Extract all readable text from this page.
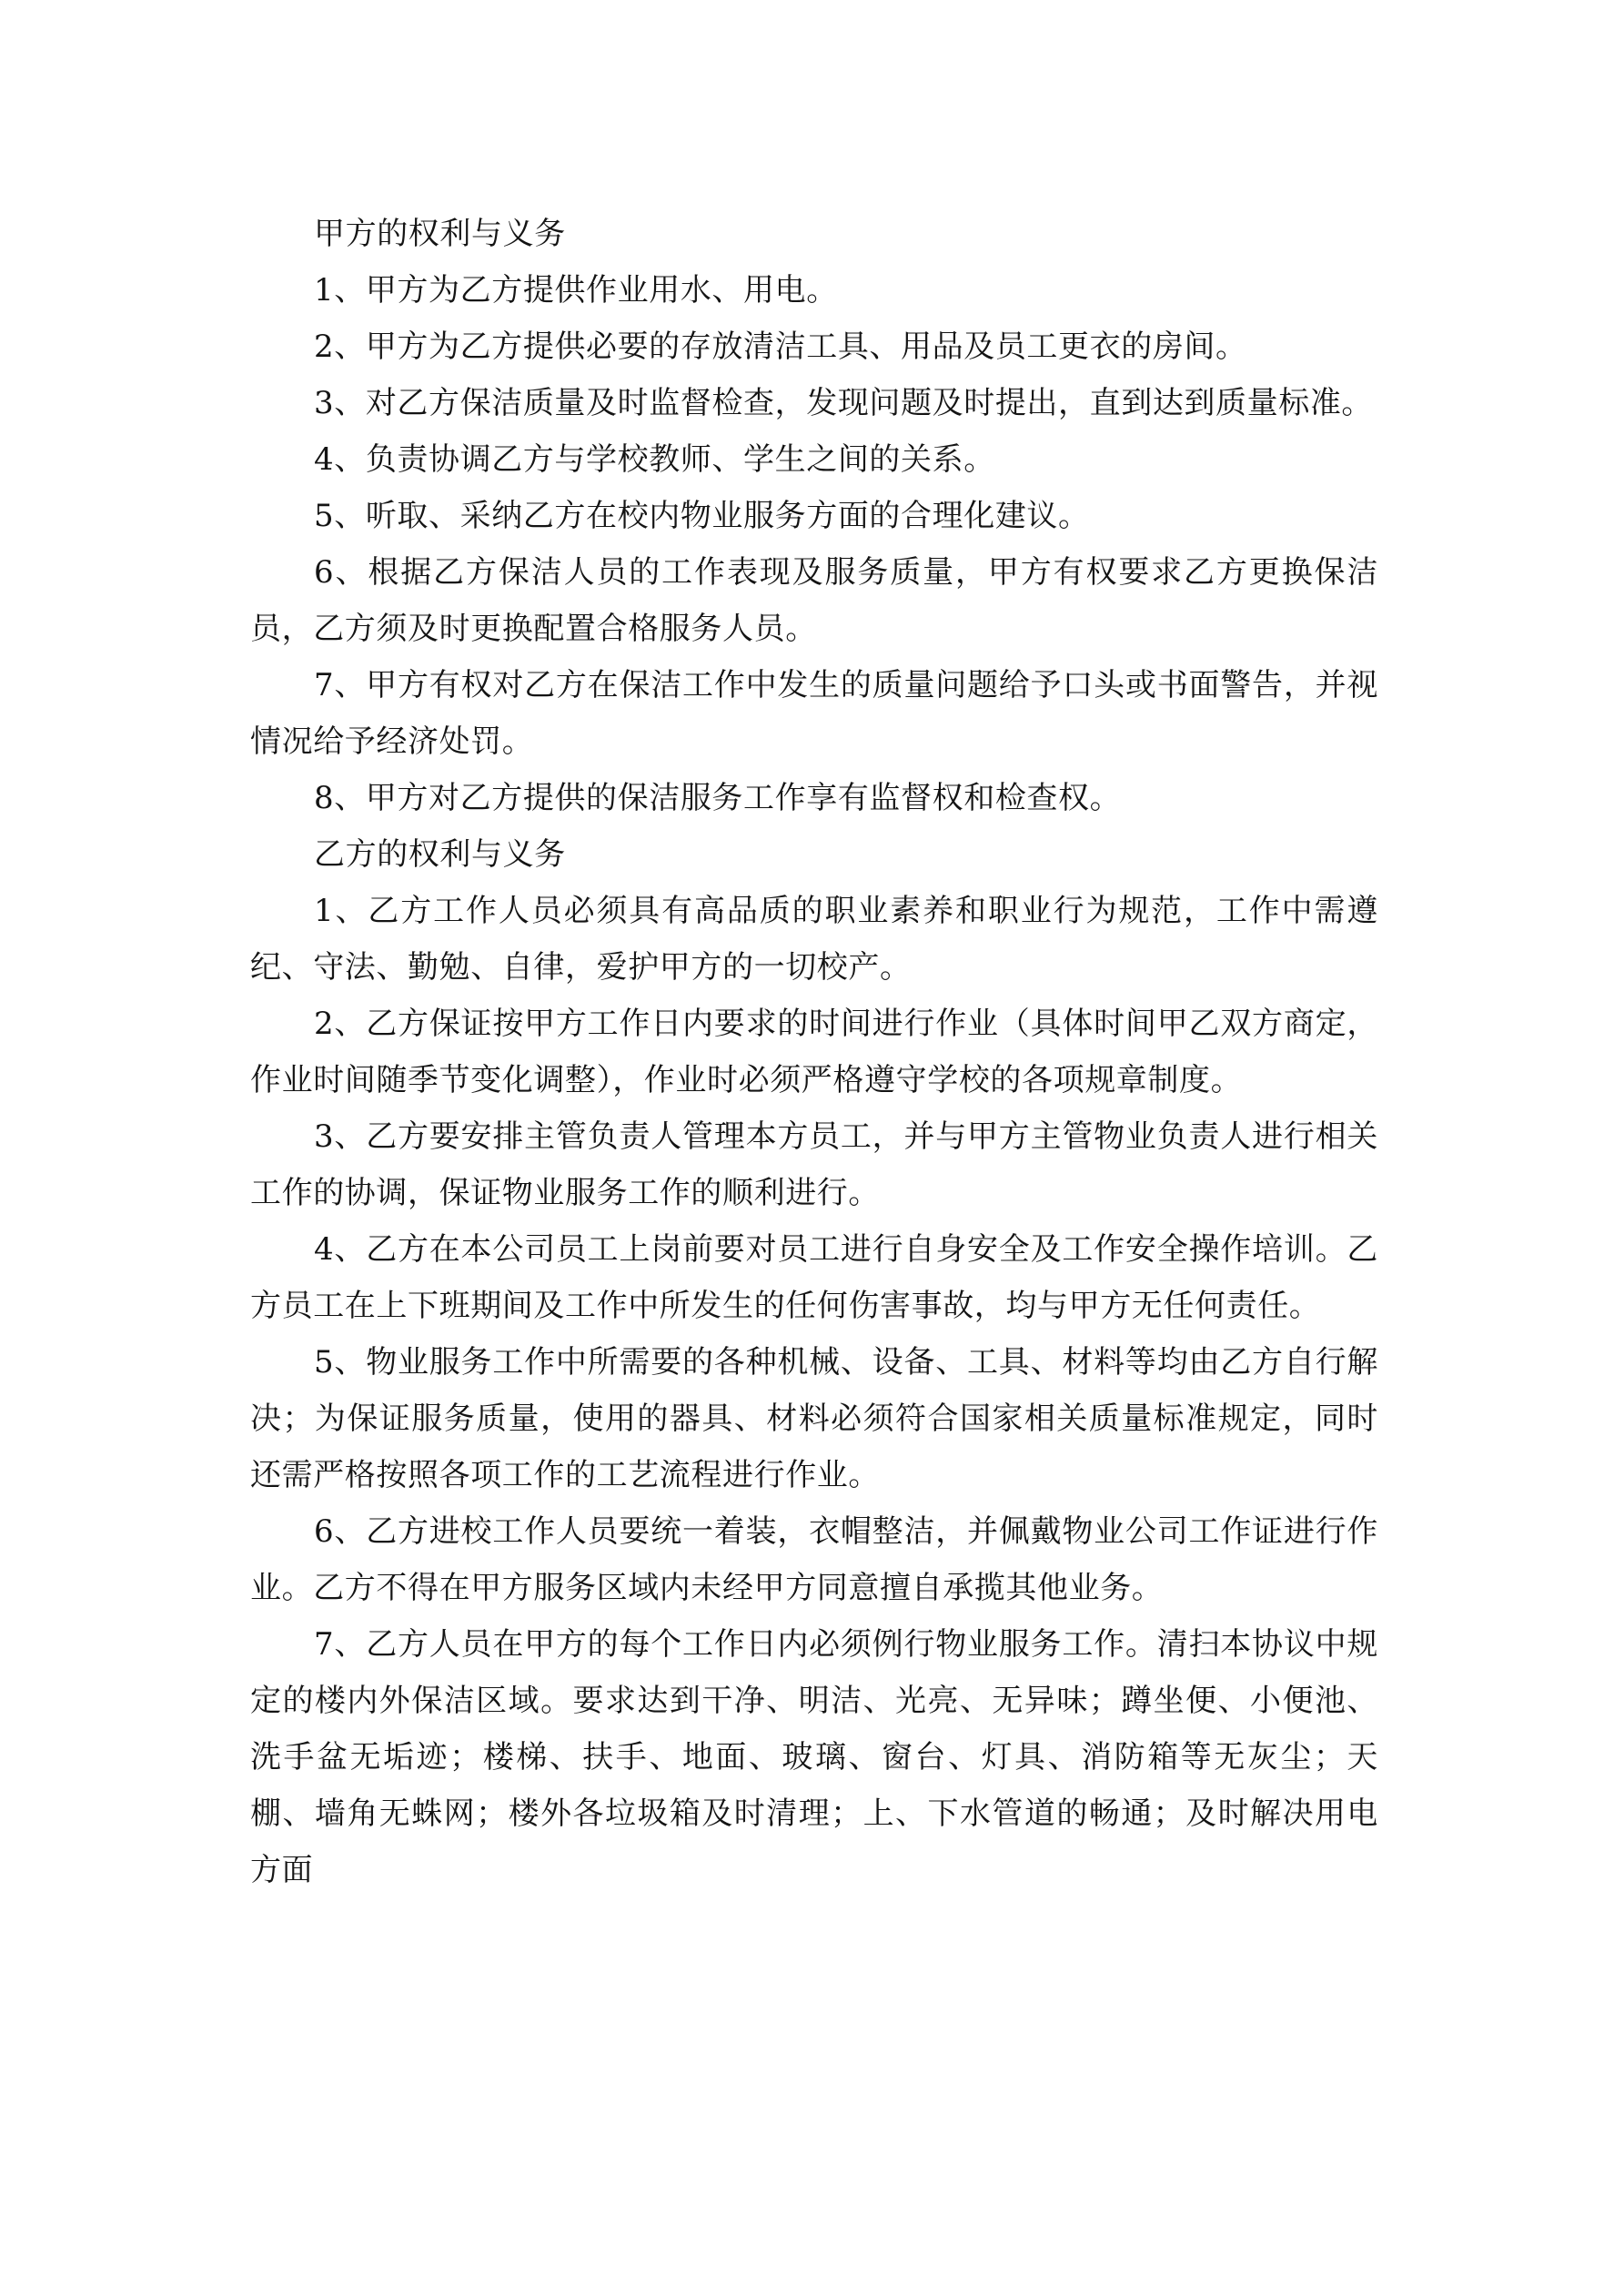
甲方的权利与义务

1、甲方为乙方提供作业用水、用电。

2、甲方为乙方提供必要的存放清洁工具、用品及员工更衣的房间。

3、对乙方保洁质量及时监督检查，发现问题及时提出，直到达到质量标准。

4、负责协调乙方与学校教师、学生之间的关系。

5、听取、采纳乙方在校内物业服务方面的合理化建议。

6、根据乙方保洁人员的工作表现及服务质量，甲方有权要求乙方更换保洁员，乙方须及时更换配置合格服务人员。

7、甲方有权对乙方在保洁工作中发生的质量问题给予口头或书面警告，并视情况给予经济处罚。

8、甲方对乙方提供的保洁服务工作享有监督权和检查权。

乙方的权利与义务

1、乙方工作人员必须具有高品质的职业素养和职业行为规范，工作中需遵纪、守法、勤勉、自律，爱护甲方的一切校产。

2、乙方保证按甲方工作日内要求的时间进行作业（具体时间甲乙双方商定，作业时间随季节变化调整），作业时必须严格遵守学校的各项规章制度。

3、乙方要安排主管负责人管理本方员工，并与甲方主管物业负责人进行相关工作的协调，保证物业服务工作的顺利进行。

4、乙方在本公司员工上岗前要对员工进行自身安全及工作安全操作培训。乙方员工在上下班期间及工作中所发生的任何伤害事故，均与甲方无任何责任。

5、物业服务工作中所需要的各种机械、设备、工具、材料等均由乙方自行解决；为保证服务质量，使用的器具、材料必须符合国家相关质量标准规定，同时还需严格按照各项工作的工艺流程进行作业。

6、乙方进校工作人员要统一着装，衣帽整洁，并佩戴物业公司工作证进行作业。乙方不得在甲方服务区域内未经甲方同意擅自承揽其他业务。

7、乙方人员在甲方的每个工作日内必须例行物业服务工作。清扫本协议中规定的楼内外保洁区域。要求达到干净、明洁、光亮、无异味；蹲坐便、小便池、洗手盆无垢迹；楼梯、扶手、地面、玻璃、窗台、灯具、消防箱等无灰尘；天棚、墙角无蛛网；楼外各垃圾箱及时清理；上、下水管道的畅通；及时解决用电方面
